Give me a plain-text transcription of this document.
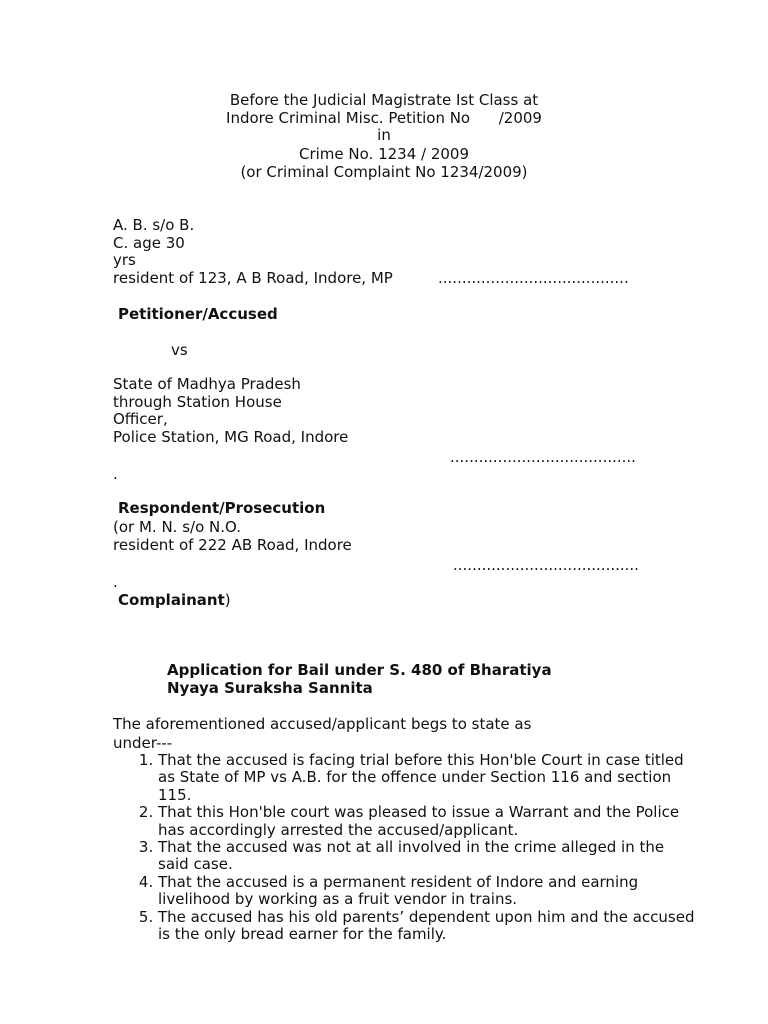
Before the Judicial Magistrate Ist Class at
Indore Criminal Misc. Petition No      /2009
in
Crime No. 1234 / 2009
(or Criminal Complaint No 1234/2009)
A. B. s/o B.
C. age 30
yrs
resident of 123, A B Road, Indore, MP	........................................
Petitioner/Accused
vs
State of Madhya Pradesh
through Station House
Officer,
Police Station, MG Road, Indore
.......................................
.
Respondent/Prosecution
(or M. N. s/o N.O.
resident of 222 AB Road, Indore
.......................................
.
Complainant)
Application for Bail under S. 480 of Bharatiya
Nyaya Suraksha Sannita
The aforementioned accused/applicant begs to state as
under---
1. That the accused is facing trial before this Hon'ble Court in case titled as State of MP vs A.B. for the offence under Section 116 and section 115.
2. That this Hon'ble court was pleased to issue a Warrant and the Police has accordingly arrested the accused/applicant.
3. That the accused was not at all involved in the crime alleged in the said case.
4. That the accused is a permanent resident of Indore and earning livelihood by working as a fruit vendor in trains.
5. The accused has his old parents’ dependent upon him and the accused is the only bread earner for the family.
